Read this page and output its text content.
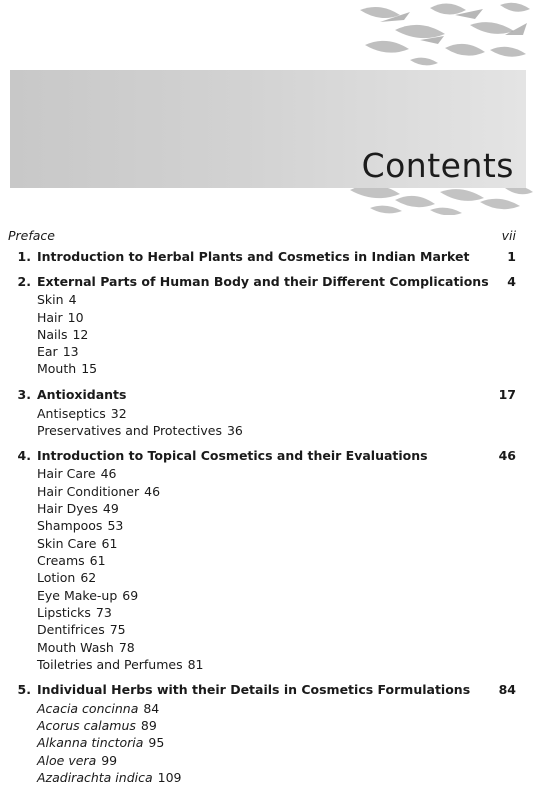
Contents
Preface	vii
1. Introduction to Herbal Plants and Cosmetics in Indian Market	1
2. External Parts of Human Body and their Different Complications 4
Skin 4
Hair 10
Nails 12
Ear 13
Mouth 15
3. Antioxidants	17
Antiseptics 32
Preservatives and Protectives 36
4. Introduction to Topical Cosmetics and their Evaluations	46
Hair Care 46
Hair Conditioner 46
Hair Dyes 49
Shampoos 53
Skin Care 61
Creams 61
Lotion 62
Eye Make-up 69
Lipsticks 73
Dentifrices 75
Mouth Wash 78
Toiletries and Perfumes 81
5. Individual Herbs with their Details in Cosmetics Formulations 84
Acacia concinna 84
Acorus calamus 89
Alkanna tinctoria 95
Aloe vera 99
Azadirachta indica 109
